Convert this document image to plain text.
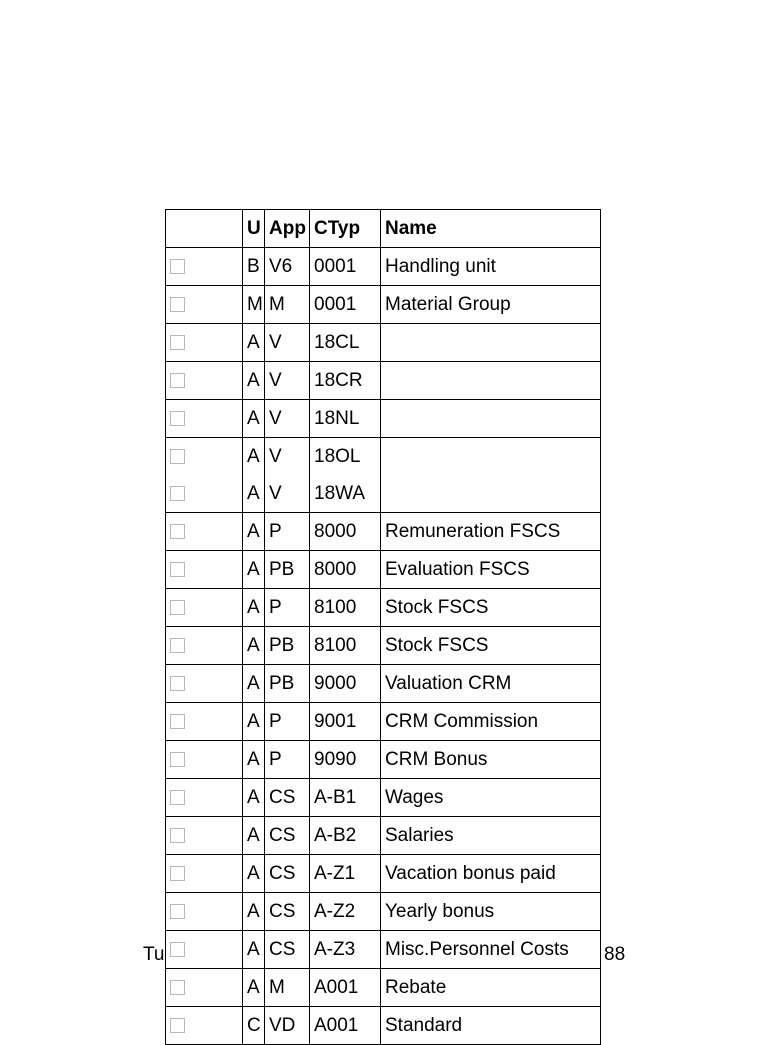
Tu	88
	U	App	CTyp	Name
	B	V6	0001	Handling unit
	M	M	0001	Material Group
	A	V	18CL	
	A	V	18CR	
	A	V	18NL	
	A	V	18OL	
	A	V	18WA	
	A	P	8000	Remuneration FSCS
	A	PB	8000	Evaluation FSCS
	A	P	8100	Stock FSCS
	A	PB	8100	Stock FSCS
	A	PB	9000	Valuation CRM
	A	P	9001	CRM Commission
	A	P	9090	CRM Bonus
	A	CS	A-B1	Wages
	A	CS	A-B2	Salaries
	A	CS	A-Z1	Vacation bonus paid
	A	CS	A-Z2	Yearly bonus
	A	CS	A-Z3	Misc.Personnel Costs
	A	M	A001	Rebate
	C	VD	A001	Standard
